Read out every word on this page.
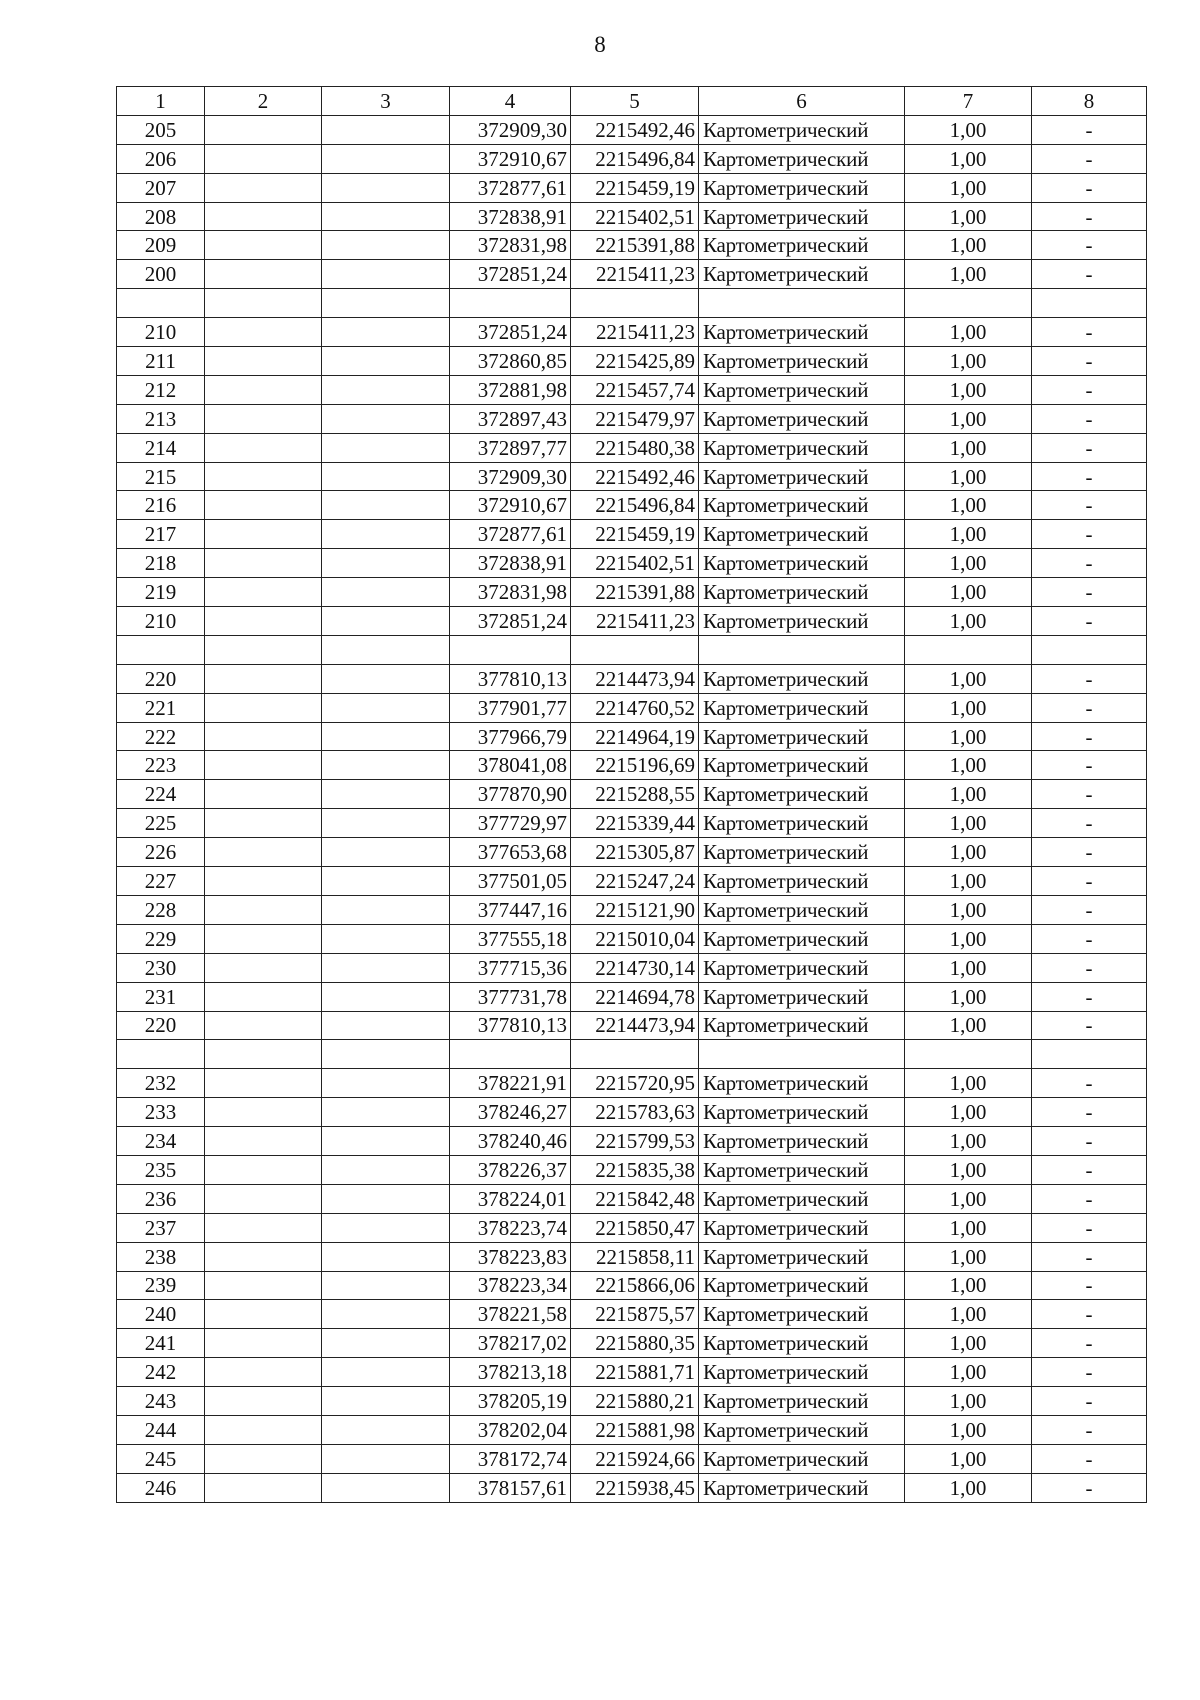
8
1	2	3	4	5	6	7	8
205			372909,30	2215492,46	Картометрический	1,00	-
206			372910,67	2215496,84	Картометрический	1,00	-
207			372877,61	2215459,19	Картометрический	1,00	-
208			372838,91	2215402,51	Картометрический	1,00	-
209			372831,98	2215391,88	Картометрический	1,00	-
200			372851,24	2215411,23	Картометрический	1,00	-

210			372851,24	2215411,23	Картометрический	1,00	-
211			372860,85	2215425,89	Картометрический	1,00	-
212			372881,98	2215457,74	Картометрический	1,00	-
213			372897,43	2215479,97	Картометрический	1,00	-
214			372897,77	2215480,38	Картометрический	1,00	-
215			372909,30	2215492,46	Картометрический	1,00	-
216			372910,67	2215496,84	Картометрический	1,00	-
217			372877,61	2215459,19	Картометрический	1,00	-
218			372838,91	2215402,51	Картометрический	1,00	-
219			372831,98	2215391,88	Картометрический	1,00	-
210			372851,24	2215411,23	Картометрический	1,00	-

220			377810,13	2214473,94	Картометрический	1,00	-
221			377901,77	2214760,52	Картометрический	1,00	-
222			377966,79	2214964,19	Картометрический	1,00	-
223			378041,08	2215196,69	Картометрический	1,00	-
224			377870,90	2215288,55	Картометрический	1,00	-
225			377729,97	2215339,44	Картометрический	1,00	-
226			377653,68	2215305,87	Картометрический	1,00	-
227			377501,05	2215247,24	Картометрический	1,00	-
228			377447,16	2215121,90	Картометрический	1,00	-
229			377555,18	2215010,04	Картометрический	1,00	-
230			377715,36	2214730,14	Картометрический	1,00	-
231			377731,78	2214694,78	Картометрический	1,00	-
220			377810,13	2214473,94	Картометрический	1,00	-

232			378221,91	2215720,95	Картометрический	1,00	-
233			378246,27	2215783,63	Картометрический	1,00	-
234			378240,46	2215799,53	Картометрический	1,00	-
235			378226,37	2215835,38	Картометрический	1,00	-
236			378224,01	2215842,48	Картометрический	1,00	-
237			378223,74	2215850,47	Картометрический	1,00	-
238			378223,83	2215858,11	Картометрический	1,00	-
239			378223,34	2215866,06	Картометрический	1,00	-
240			378221,58	2215875,57	Картометрический	1,00	-
241			378217,02	2215880,35	Картометрический	1,00	-
242			378213,18	2215881,71	Картометрический	1,00	-
243			378205,19	2215880,21	Картометрический	1,00	-
244			378202,04	2215881,98	Картометрический	1,00	-
245			378172,74	2215924,66	Картометрический	1,00	-
246			378157,61	2215938,45	Картометрический	1,00	-
